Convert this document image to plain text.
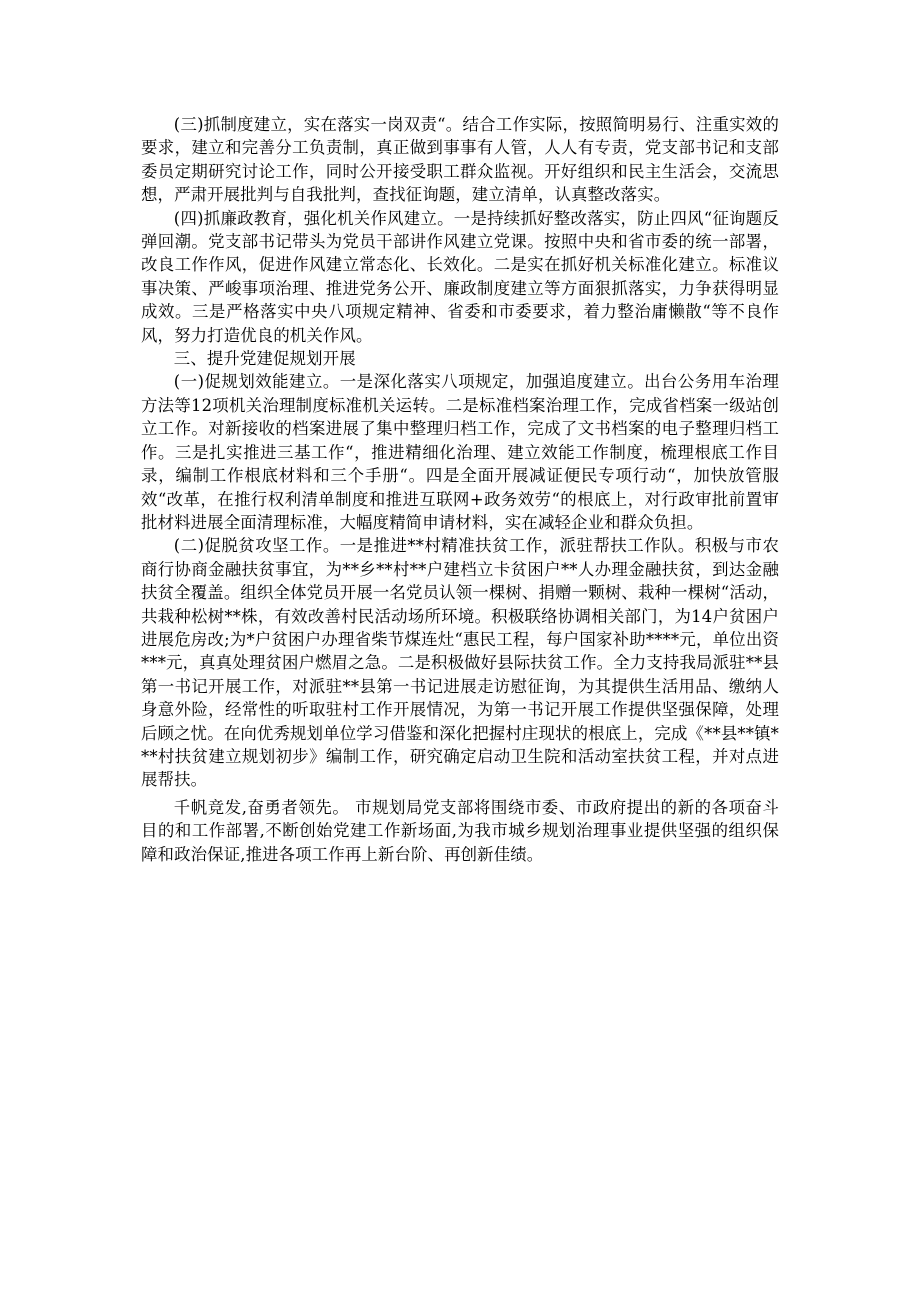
(三)抓制度建立，实在落实一岗双责“。结合工作实际，按照简明易行、注重实效的要求，建立和完善分工负责制，真正做到事事有人管，人人有专责，党支部书记和支部委员定期研究讨论工作，同时公开接受职工群众监视。开好组织和民主生活会，交流思想，严肃开展批判与自我批判，查找征询题，建立清单，认真整改落实。

(四)抓廉政教育，强化机关作风建立。一是持续抓好整改落实，防止四风“征询题反弹回潮。党支部书记带头为党员干部讲作风建立党课。按照中央和省市委的统一部署，改良工作作风，促进作风建立常态化、长效化。二是实在抓好机关标准化建立。标准议事决策、严峻事项治理、推进党务公开、廉政制度建立等方面狠抓落实，力争获得明显成效。三是严格落实中央八项规定精神、省委和市委要求，着力整治庸懒散“等不良作风，努力打造优良的机关作风。

三、提升党建促规划开展

(一)促规划效能建立。一是深化落实八项规定，加强追度建立。出台公务用车治理方法等12项机关治理制度标准机关运转。二是标准档案治理工作，完成省档案一级站创立工作。对新接收的档案进展了集中整理归档工作，完成了文书档案的电子整理归档工作。三是扎实推进三基工作“，推进精细化治理、建立效能工作制度，梳理根底工作目录，编制工作根底材料和三个手册“。四是全面开展减证便民专项行动“，加快放管服效“改革，在推行权利清单制度和推进互联网+政务效劳“的根底上，对行政审批前置审批材料进展全面清理标准，大幅度精简申请材料，实在减轻企业和群众负担。

(二)促脱贫攻坚工作。一是推进**村精准扶贫工作，派驻帮扶工作队。积极与市农商行协商金融扶贫事宜，为**乡**村**户建档立卡贫困户**人办理金融扶贫，到达金融扶贫全覆盖。组织全体党员开展一名党员认领一棵树、捐赠一颗树、栽种一棵树“活动，共栽种松树**株，有效改善村民活动场所环境。积极联络协调相关部门，为14户贫困户进展危房改;为*户贫困户办理省柴节煤连灶“惠民工程，每户国家补助****元，单位出资***元，真真处理贫困户燃眉之急。二是积极做好县际扶贫工作。全力支持我局派驻**县第一书记开展工作，对派驻**县第一书记进展走访慰征询，为其提供生活用品、缴纳人身意外险，经常性的听取驻村工作开展情况，为第一书记开展工作提供坚强保障，处理后顾之忧。在向优秀规划单位学习借鉴和深化把握村庄现状的根底上，完成《**县**镇***村扶贫建立规划初步》编制工作，研究确定启动卫生院和活动室扶贫工程，并对点进展帮扶。

千帆竞发,奋勇者领先。 市规划局党支部将围绕市委、市政府提出的新的各项奋斗目的和工作部署,不断创始党建工作新场面,为我市城乡规划治理事业提供坚强的组织保障和政治保证,推进各项工作再上新台阶、再创新佳绩。
